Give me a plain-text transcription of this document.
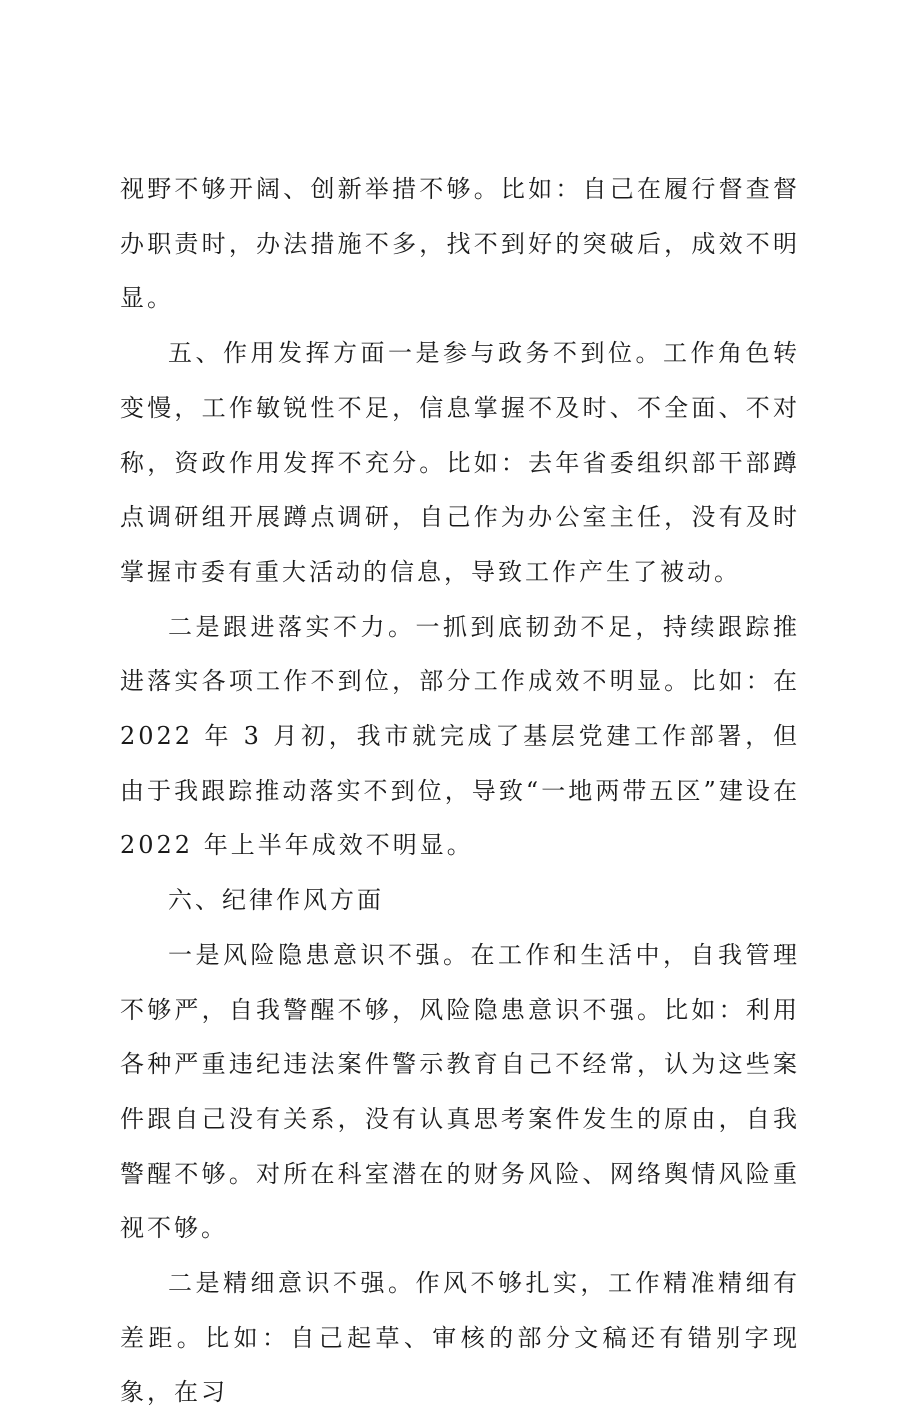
视野不够开阔、创新举措不够。比如：自己在履行督查督办职责时，办法措施不多，找不到好的突破后，成效不明显。

五、作用发挥方面一是参与政务不到位。工作角色转变慢，工作敏锐性不足，信息掌握不及时、不全面、不对称，资政作用发挥不充分。比如：去年省委组织部干部蹲点调研组开展蹲点调研，自己作为办公室主任，没有及时掌握市委有重大活动的信息，导致工作产生了被动。

二是跟进落实不力。一抓到底韧劲不足，持续跟踪推进落实各项工作不到位，部分工作成效不明显。比如：在 2022 年 3 月初，我市就完成了基层党建工作部署，但由于我跟踪推动落实不到位，导致“一地两带五区”建设在2022 年上半年成效不明显。

六、纪律作风方面

一是风险隐患意识不强。在工作和生活中，自我管理不够严，自我警醒不够，风险隐患意识不强。比如：利用各种严重违纪违法案件警示教育自己不经常，认为这些案件跟自己没有关系，没有认真思考案件发生的原由，自我警醒不够。对所在科室潜在的财务风险、网络舆情风险重视不够。

二是精细意识不强。作风不够扎实，工作精准精细有差距。比如：自己起草、审核的部分文稿还有错别字现象，在习
